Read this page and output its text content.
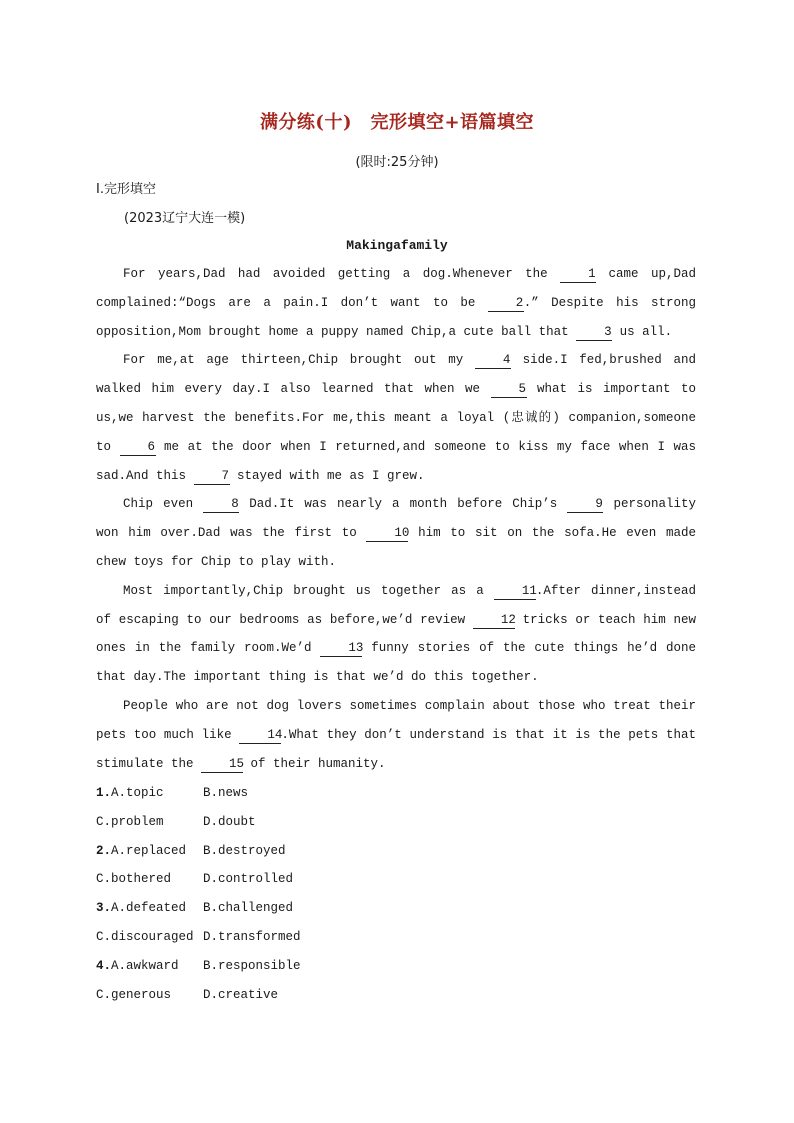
满分练(十)　完形填空+语篇填空
(限时:25分钟)
Ⅰ.完形填空
(2023辽宁大连一模)
Makingafamily

For years,Dad had avoided getting a dog.Whenever the 1 came up,Dad complained:“Dogs are a pain.I don’t want to be 2.” Despite his strong opposition,Mom brought home a puppy named Chip,a cute ball that 3 us all.

For me,at age thirteen,Chip brought out my 4 side.I fed,brushed and walked him every day.I also learned that when we 5 what is important to us,we harvest the benefits.For me,this meant a loyal (忠诚的) companion,someone to 6 me at the door when I returned,and someone to kiss my face when I was sad.And this 7 stayed with me as I grew.

Chip even 8 Dad.It was nearly a month before Chip’s 9 personality won him over.Dad was the first to 10 him to sit on the sofa.He even made chew toys for Chip to play with.

Most importantly,Chip brought us together as a 11.After dinner,instead of escaping to our bedrooms as before,we’d review 12 tricks or teach him new ones in the family room.We’d 13 funny stories of the cute things he’d done that day.The important thing is that we’d do this together.

People who are not dog lovers sometimes complain about those who treat their pets too much like 14.What they don’t understand is that it is the pets that stimulate the 15 of their humanity.

1.A.topic	B.news
C.problem	D.doubt
2.A.replaced B.destroyed
C.bothered	D.controlled
3.A.defeated B.challenged
C.discouraged D.transformed
4.A.awkward B.responsible
C.generous	D.creative
